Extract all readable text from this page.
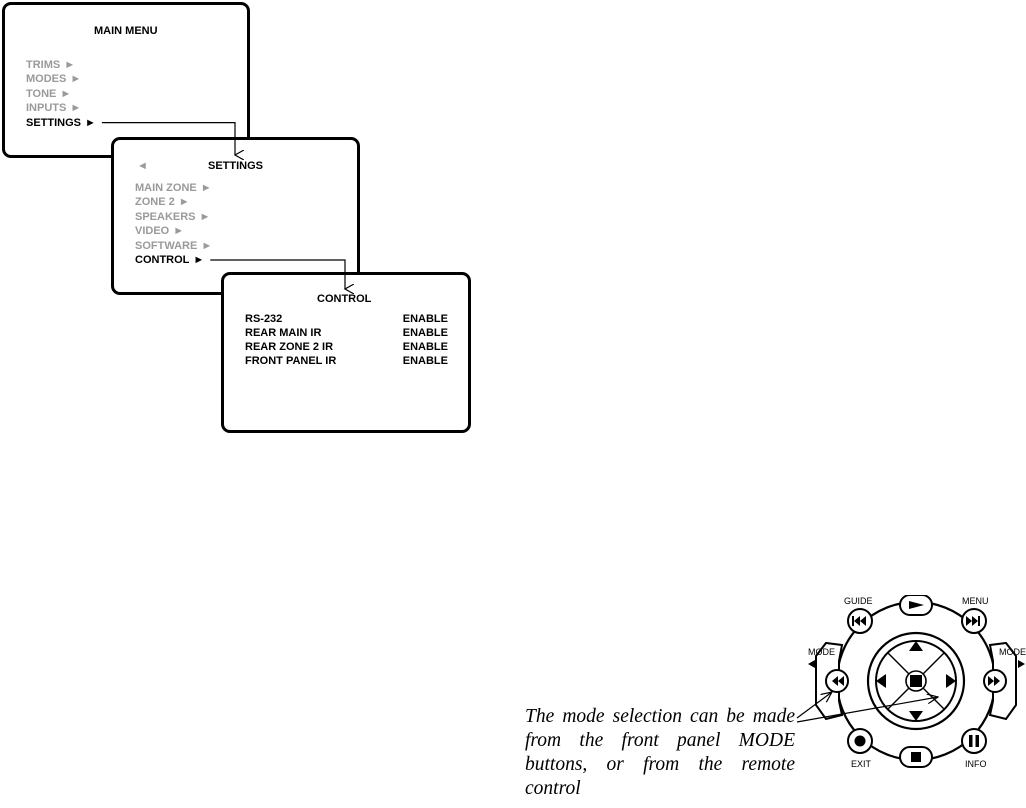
MAIN MENU
TRIMS ►
MODES ►
TONE ►
INPUTS ►
SETTINGS ►
◄	SETTINGS
MAIN ZONE ►
ZONE 2 ►
SPEAKERS ►
VIDEO ►
SOFTWARE ►
CONTROL ►
CONTROL
RS-232	ENABLE
REAR MAIN IR	ENABLE
REAR ZONE 2 IR	ENABLE
FRONT PANEL IR	ENABLE
The mode selection can be made from the front panel MODE buttons, or from the remote control
GUIDE	MENU
MODE	MODE
EXIT	INFO
